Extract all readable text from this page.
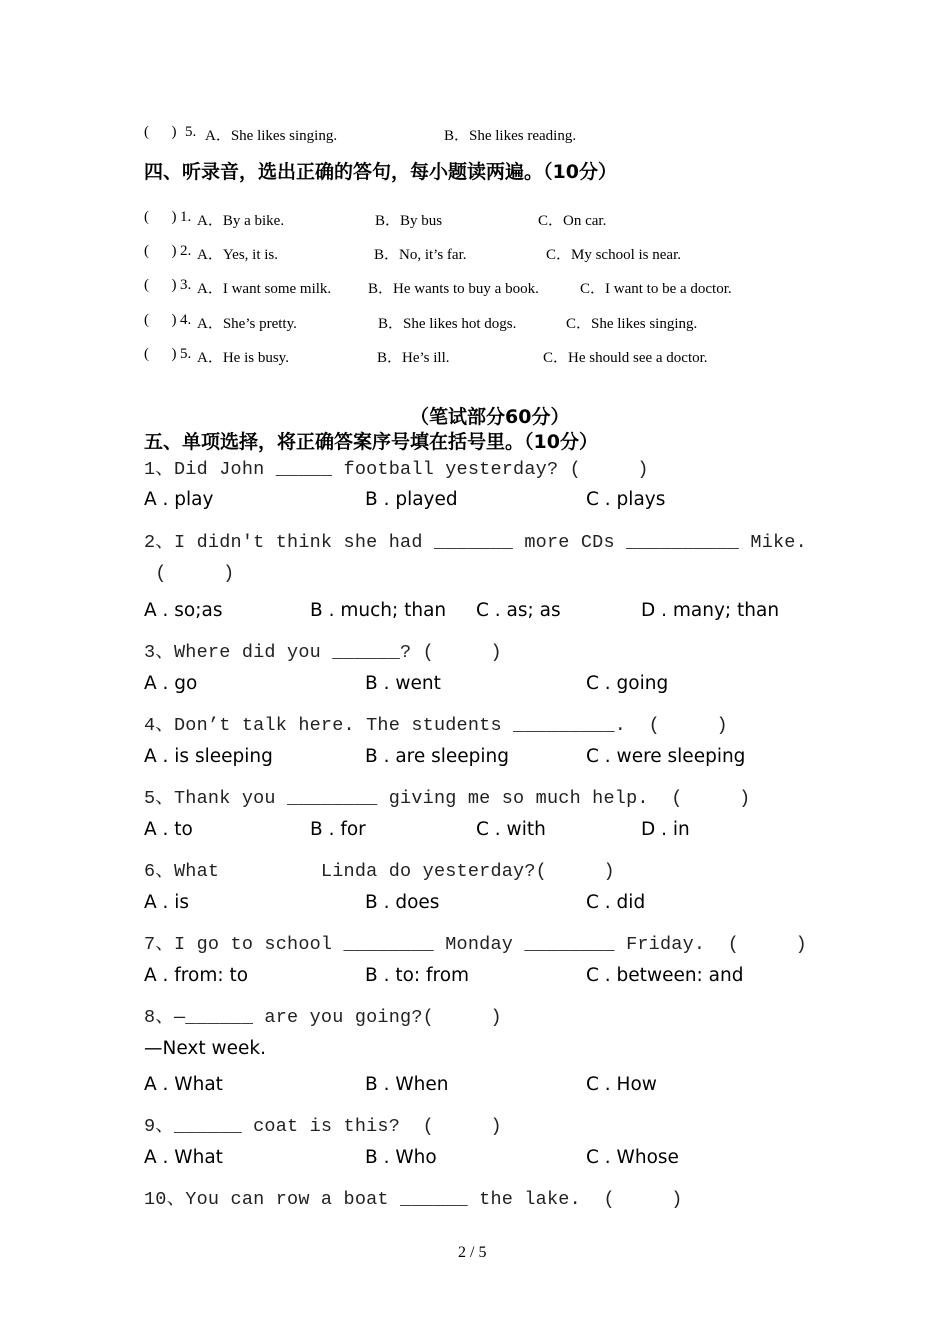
(      ) 5. A．She likes singing.	B．She likes reading.
四、听录音，选出正确的答句，每小题读两遍。（10分）
(      ) 1. A．By a bike.	B．By bus	C．On car.
(      ) 2. A．Yes, it is.	B．No, it’s far.	C．My school is near.
(      ) 3. A．I want some milk. B．He wants to buy a book.	C．I want to be a doctor.
(      ) 4. A．She’s pretty.	B．She likes hot dogs.	C．She likes singing.
(      ) 5. A．He is busy.	B．He’s ill.	C．He should see a doctor.
（笔试部分60分）
五、单项选择，将正确答案序号填在括号里。（10分）
1、Did John _____ football yesterday? (     )
A . play	B . played	C . plays
2、I didn't think she had _______ more CDs __________ Mike.
(     )
A . so;as	B . much; than C . as; as	D . many; than
3、Where did you ______? (     )
A . go	B . went	C . going
4、Don’t talk here. The students _________.  (     )
A . is sleeping	B . are sleeping	C . were sleeping
5、Thank you ________ giving me so much help.  (     )
A . to	B . for	C . with	D . in
6、What         Linda do yesterday?(     )
A . is	B . does	C . did
7、I go to school ________ Monday ________ Friday.  (     )
A . from: to	B . to: from	C . between: and
8、—______ are you going?(     )
—Next week.
A . What	B . When	C . How
9、______ coat is this?  (     )
A . What	B . Who	C . Whose
10、You can row a boat ______ the lake.  (     )
2 / 5
